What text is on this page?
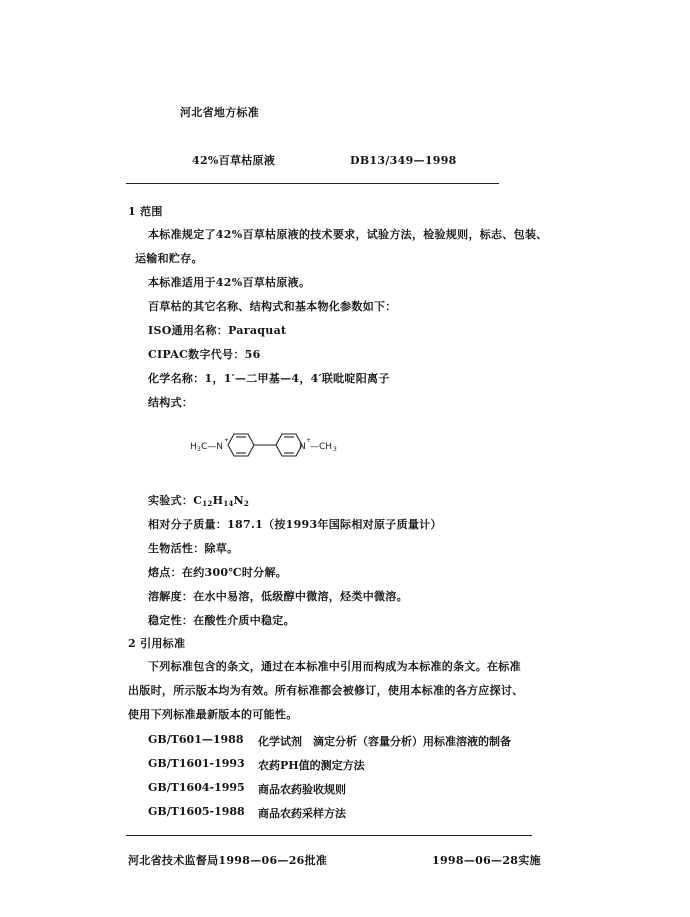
河北省地方标准
42%百草枯原液	DB13/349—1998
1 范围
本标准规定了42%百草枯原液的技术要求，试验方法，检验规则，标志、包装、
运输和贮存。
本标准适用于42%百草枯原液。
百草枯的其它名称、结构式和基本物化参数如下：
ISO通用名称：Paraquat
CIPAC数字代号：56
化学名称：1，1′—二甲基—4，4′联吡啶阳离子
结构式：
H 3 C—N
+
N
+
—CH 3
实验式：$C_{12}H_{14}N_2$
相对分子质量：187.1（按1993年国际相对原子质量计）
生物活性：除草。
熔点：在约300℃时分解。
溶解度：在水中易溶，低级醇中微溶，烃类中微溶。
稳定性：在酸性介质中稳定。
2 引用标准
下列标准包含的条文，通过在本标准中引用而构成为本标准的条文。在标准
出版时，所示版本均为有效。所有标准都会被修订，使用本标准的各方应探讨、
使用下列标准最新版本的可能性。
GB/T601—1988 化学试剂　滴定分析（容量分析）用标准溶液的制备
GB/T1601-1993 农药PH值的测定方法
GB/T1604-1995 商品农药验收规则
GB/T1605-1988 商品农药采样方法
河北省技术监督局1998—06—26批准	1998—06—28实施
